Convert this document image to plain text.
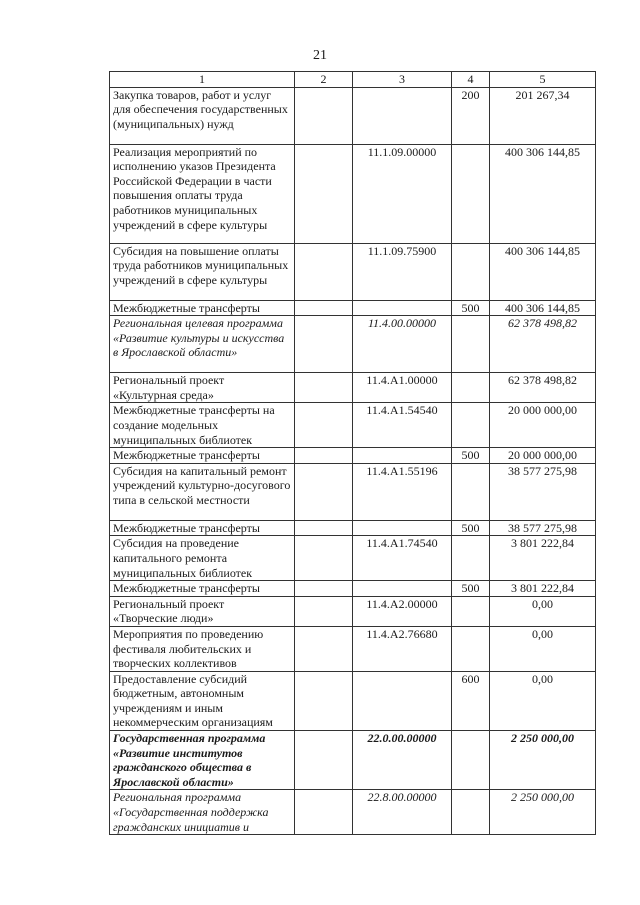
21
1	2	3	4	5
Закупка товаров, работ и услуг для обеспечения государственных (муниципальных) нужд			200	201 267,34
Реализация мероприятий по исполнению указов Президента Российской Федерации в части повышения оплаты труда работников муниципальных учреждений в сфере культуры		11.1.09.00000		400 306 144,85
Субсидия на повышение оплаты труда работников муниципальных учреждений в сфере культуры		11.1.09.75900		400 306 144,85
Межбюджетные трансферты			500	400 306 144,85
Региональная целевая программа «Развитие культуры и искусства в Ярославской области»		11.4.00.00000		62 378 498,82
Региональный проект «Культурная среда»		11.4.А1.00000		62 378 498,82
Межбюджетные трансферты на создание модельных муниципальных библиотек		11.4.А1.54540		20 000 000,00
Межбюджетные трансферты			500	20 000 000,00
Субсидия на капитальный ремонт учреждений культурно-досугового типа в сельской местности		11.4.А1.55196		38 577 275,98
Межбюджетные трансферты			500	38 577 275,98
Субсидия на проведение капитального ремонта муниципальных библиотек		11.4.А1.74540		3 801 222,84
Межбюджетные трансферты			500	3 801 222,84
Региональный проект «Творческие люди»		11.4.А2.00000		0,00
Мероприятия по проведению фестиваля любительских и творческих коллективов		11.4.А2.76680		0,00
Предоставление субсидий бюджетным, автономным учреждениям и иным некоммерческим организациям			600	0,00
Государственная программа «Развитие институтов гражданского общества в Ярославской области»		22.0.00.00000		2 250 000,00
Региональная программа «Государственная поддержка гражданских инициатив и		22.8.00.00000		2 250 000,00
